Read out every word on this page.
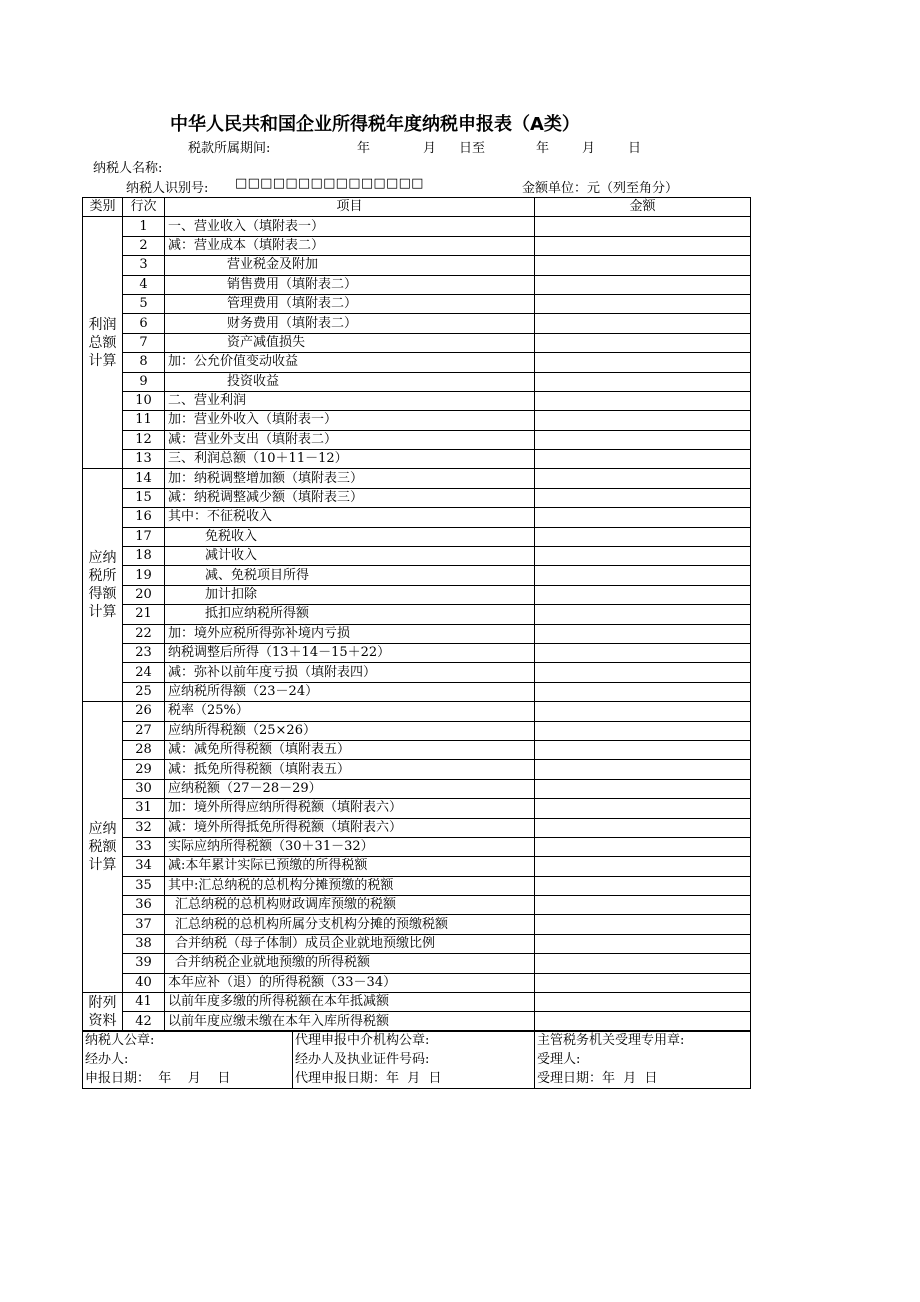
中华人民共和国企业所得税年度纳税申报表（A类）
税款所属期间:	年	月 日至	年	月	日
纳税人名称:
纳税人识别号: □□□□□□□□□□□□□□□	金额单位：元（列至角分）
类别	行次	项目	金额
利润
总额
计算	1	一、营业收入（填附表一）	
	2	减：营业成本（填附表二）	
	3	营业税金及附加	
	4	销售费用（填附表二）	
	5	管理费用（填附表二）	
	6	财务费用（填附表二）	
	7	资产减值损失	
	8	加：公允价值变动收益	
	9	投资收益	
	10	二、营业利润	
	11	加：营业外收入（填附表一）	
	12	减：营业外支出（填附表二）	
	13	三、利润总额（10＋11－12）	
应纳
税所
得额
计算	14	加：纳税调整增加额（填附表三）	
	15	减：纳税调整减少额（填附表三）	
	16	其中：不征税收入	
	17	免税收入	
	18	减计收入	
	19	减、免税项目所得	
	20	加计扣除	
	21	抵扣应纳税所得额	
	22	加：境外应税所得弥补境内亏损	
	23	纳税调整后所得（13＋14－15＋22）	
	24	减：弥补以前年度亏损（填附表四）	
	25	应纳税所得额（23－24）	
应纳
税额
计算	26	税率（25%）	
	27	应纳所得税额（25×26）	
	28	减：减免所得税额（填附表五）	
	29	减：抵免所得税额（填附表五）	
	30	应纳税额（27－28－29）	
	31	加：境外所得应纳所得税额（填附表六）	
	32	减：境外所得抵免所得税额（填附表六）	
	33	实际应纳所得税额（30＋31－32）	
	34	减:本年累计实际已预缴的所得税额	
	35	其中:汇总纳税的总机构分摊预缴的税额	
	36	汇总纳税的总机构财政调库预缴的税额	
	37	汇总纳税的总机构所属分支机构分摊的预缴税额	
	38	合并纳税（母子体制）成员企业就地预缴比例	
	39	合并纳税企业就地预缴的所得税额	
	40	本年应补（退）的所得税额（33－34）	
附列
资料	41	以前年度多缴的所得税额在本年抵减额	
	42	以前年度应缴未缴在本年入库所得税额	
纳税人公章:	代理申报中介机构公章:	主管税务机关受理专用章:
经办人:	经办人及执业证件号码:	受理人:
申报日期：  年    月    日	代理申报日期：年  月  日	受理日期：年  月  日
